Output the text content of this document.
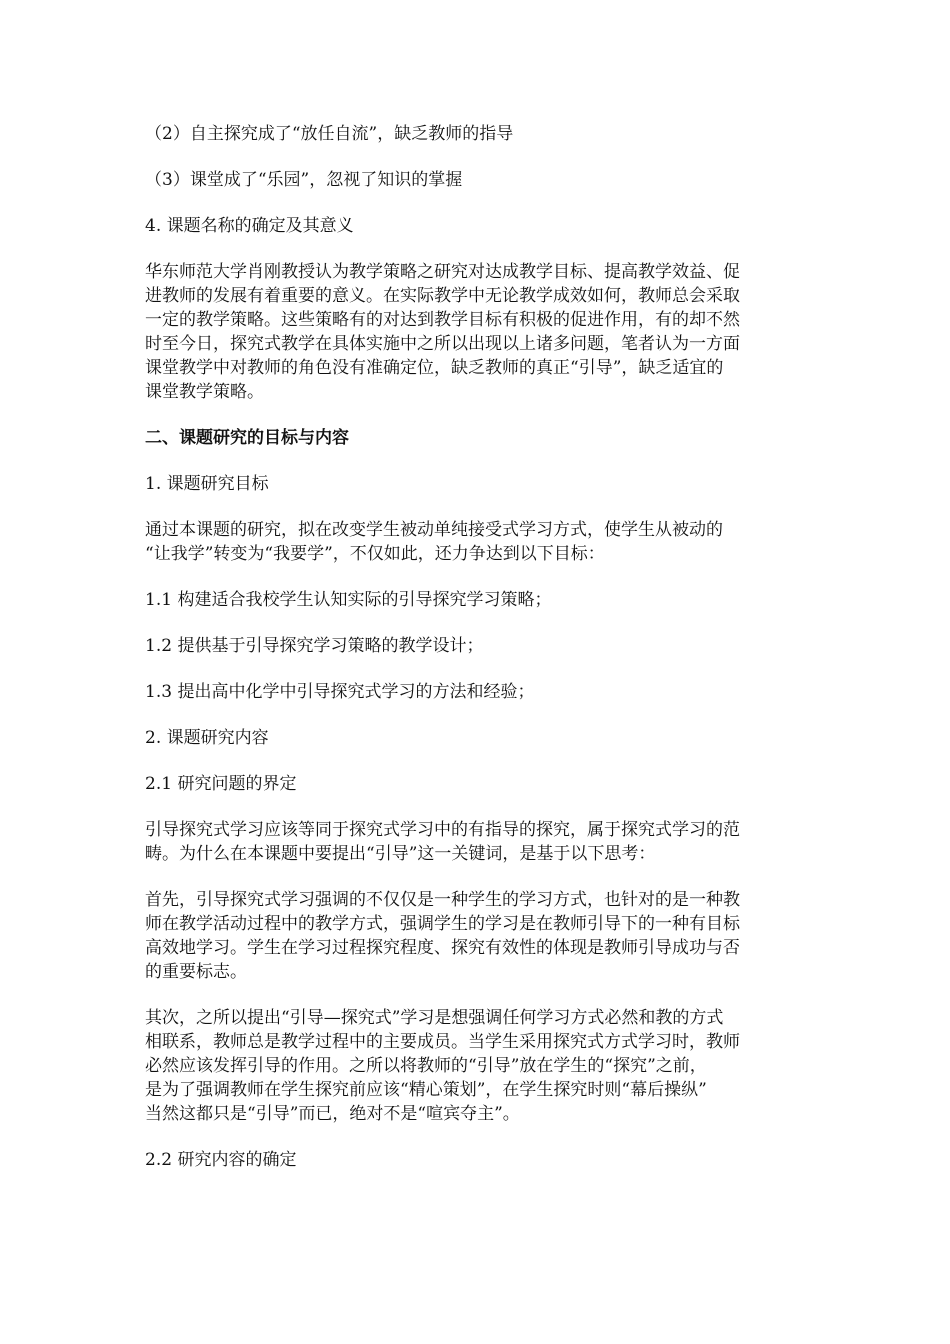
（2）自主探究成了“放任自流”，缺乏教师的指导

（3）课堂成了“乐园”，忽视了知识的掌握

4. 课题名称的确定及其意义

华东师范大学肖刚教授认为教学策略之研究对达成教学目标、提高教学效益、促
进教师的发展有着重要的意义。在实际教学中无论教学成效如何，教师总会采取
一定的教学策略。这些策略有的对达到教学目标有积极的促进作用，有的却不然
时至今日，探究式教学在具体实施中之所以出现以上诸多问题，笔者认为一方面
课堂教学中对教师的角色没有准确定位，缺乏教师的真正“引导”，缺乏适宜的
课堂教学策略。

二、课题研究的目标与内容

1. 课题研究目标

通过本课题的研究，拟在改变学生被动单纯接受式学习方式，使学生从被动的
“让我学”转变为“我要学”，不仅如此，还力争达到以下目标：

1.1 构建适合我校学生认知实际的引导探究学习策略；

1.2 提供基于引导探究学习策略的教学设计；

1.3 提出高中化学中引导探究式学习的方法和经验；

2. 课题研究内容

2.1 研究问题的界定

引导探究式学习应该等同于探究式学习中的有指导的探究，属于探究式学习的范
畴。为什么在本课题中要提出“引导”这一关键词，是基于以下思考：

首先，引导探究式学习强调的不仅仅是一种学生的学习方式，也针对的是一种教
师在教学活动过程中的教学方式，强调学生的学习是在教师引导下的一种有目标
高效地学习。学生在学习过程探究程度、探究有效性的体现是教师引导成功与否
的重要标志。

其次，之所以提出“引导—探究式”学习是想强调任何学习方式必然和教的方式
相联系，教师总是教学过程中的主要成员。当学生采用探究式方式学习时，教师
必然应该发挥引导的作用。之所以将教师的“引导”放在学生的“探究”之前，
是为了强调教师在学生探究前应该“精心策划”，在学生探究时则“幕后操纵”
当然这都只是“引导”而已，绝对不是“喧宾夺主”。

2.2 研究内容的确定
